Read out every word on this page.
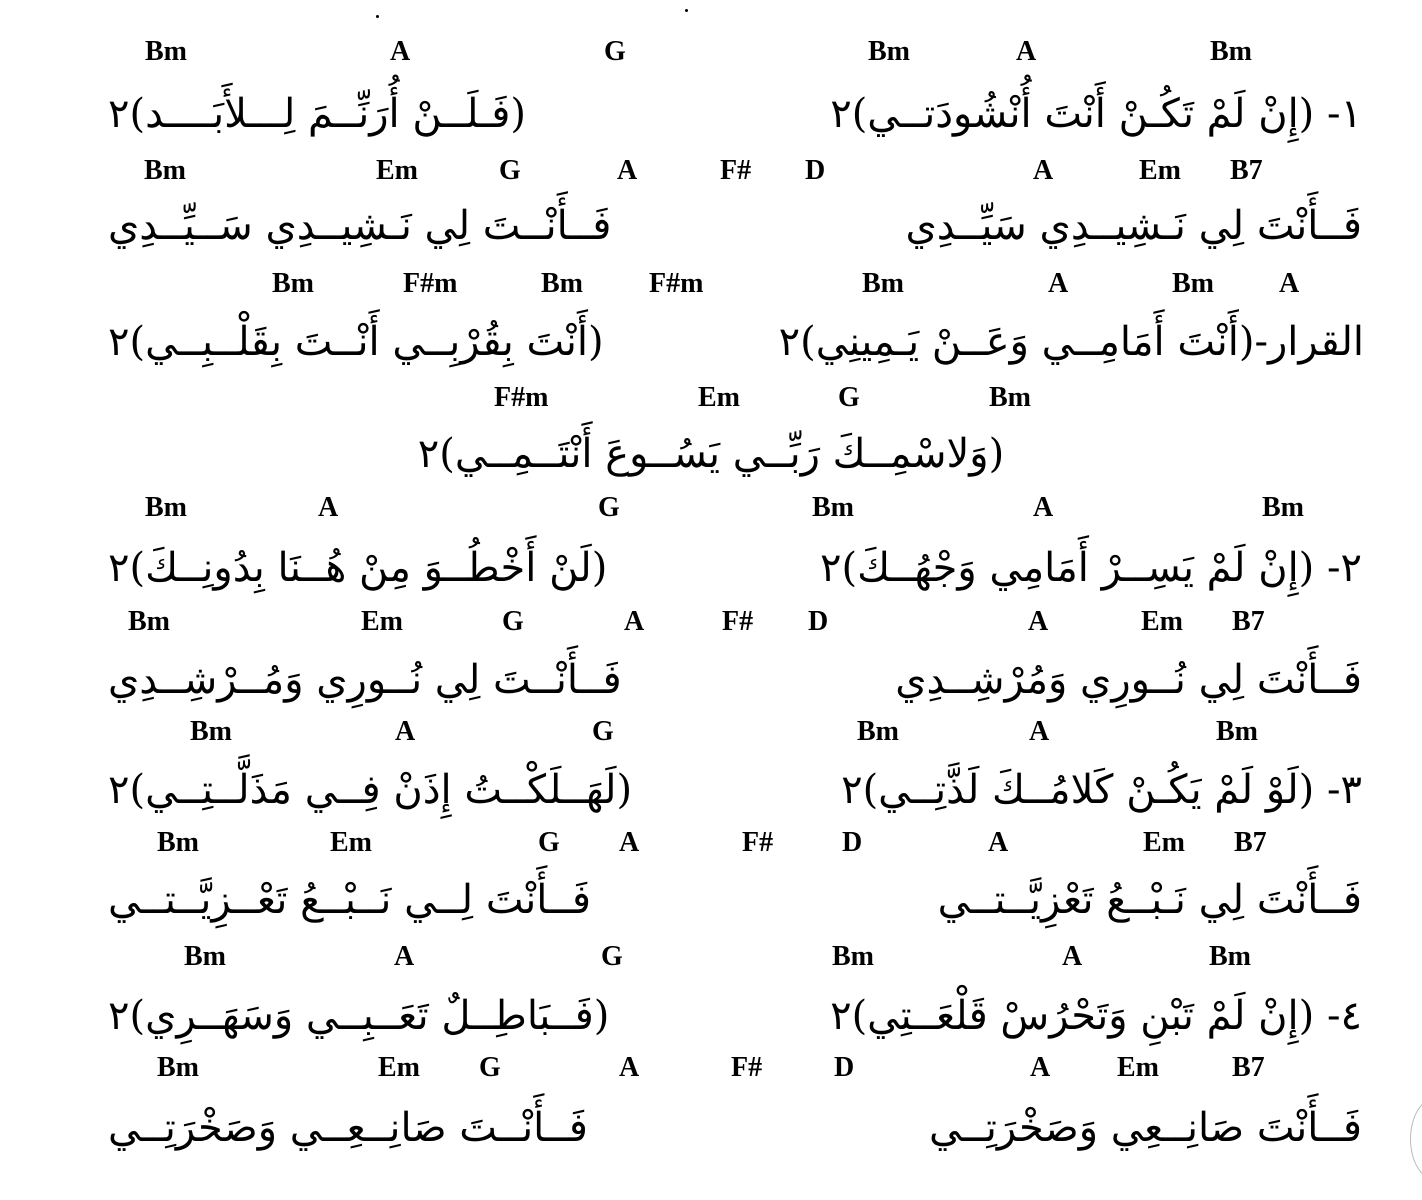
Bm	A	G	Bm	A	Bm
١- (إِنْ لَمْ تَكُـنْ أَنْتَ أُنْشُودَتــي)٢
(فَـلَــنْ أُرَنِّــمَ لِـــلأَبَــــد)٢
Bm	Em	G	A	F# D	A	Em B7
فَــأَنْتَ لِي نَـشِيــدِي سَيِّــدِي
فَــأَنْــتَ لِي نَـشِيــدِي سَــيِّــدِي
Bm	F#m	Bm F#m	Bm	A	Bm A
القرار-(أَنْتَ أَمَامِــي وَعَــنْ يَـمِينِي)٢
(أَنْتَ بِقُرْبِــي أَنْــتَ بِقَلْــبِــي)٢
F#m	Em	G	Bm
(وَلاسْمِــكَ رَبِّــي يَسُــوعَ أَنْتَــمِــي)٢
Bm	A	G	Bm	A	Bm
٢- (إِنْ لَمْ يَسِــرْ أَمَامِي وَجْهُــكَ)٢
(لَنْ أَخْطُــوَ مِنْ هُــنَا بِدُونِــكَ)٢
Bm	Em	G	A	F# D	A	Em B7
فَــأَنْتَ لِي نُــورِي وَمُرْشِــدِي
فَــأَنْــتَ لِي نُــورِي وَمُــرْشِــدِي
Bm	A	G	Bm	A	Bm
٣- (لَوْ لَمْ يَكُـنْ كَلامُــكَ لَذَّتِــي)٢
(لَهَــلَكْــتُ إِذَنْ فِــي مَذَلَّــتِــي)٢
Bm	Em	G A	F# D	A	Em B7
فَــأَنْتَ لِي نَـبْــعُ تَعْزِيَّــتــي
فَــأَنْتَ لِــي نَــبْــعُ تَعْــزِيَّــتــي
Bm	A	G	Bm	A	Bm
٤- (إِنْ لَمْ تَبْنِ وَتَحْرُسْ قَلْعَــتِي)٢
(فَــبَاطِــلٌ تَعَــبِــي وَسَهَــرِي)٢
Bm	Em G	A	F#	D	A Em	B7
فَــأَنْتَ صَانِــعِي وَصَخْرَتِــي
فَــأَنْــتَ صَانِــعِــي وَصَخْرَتِــي
